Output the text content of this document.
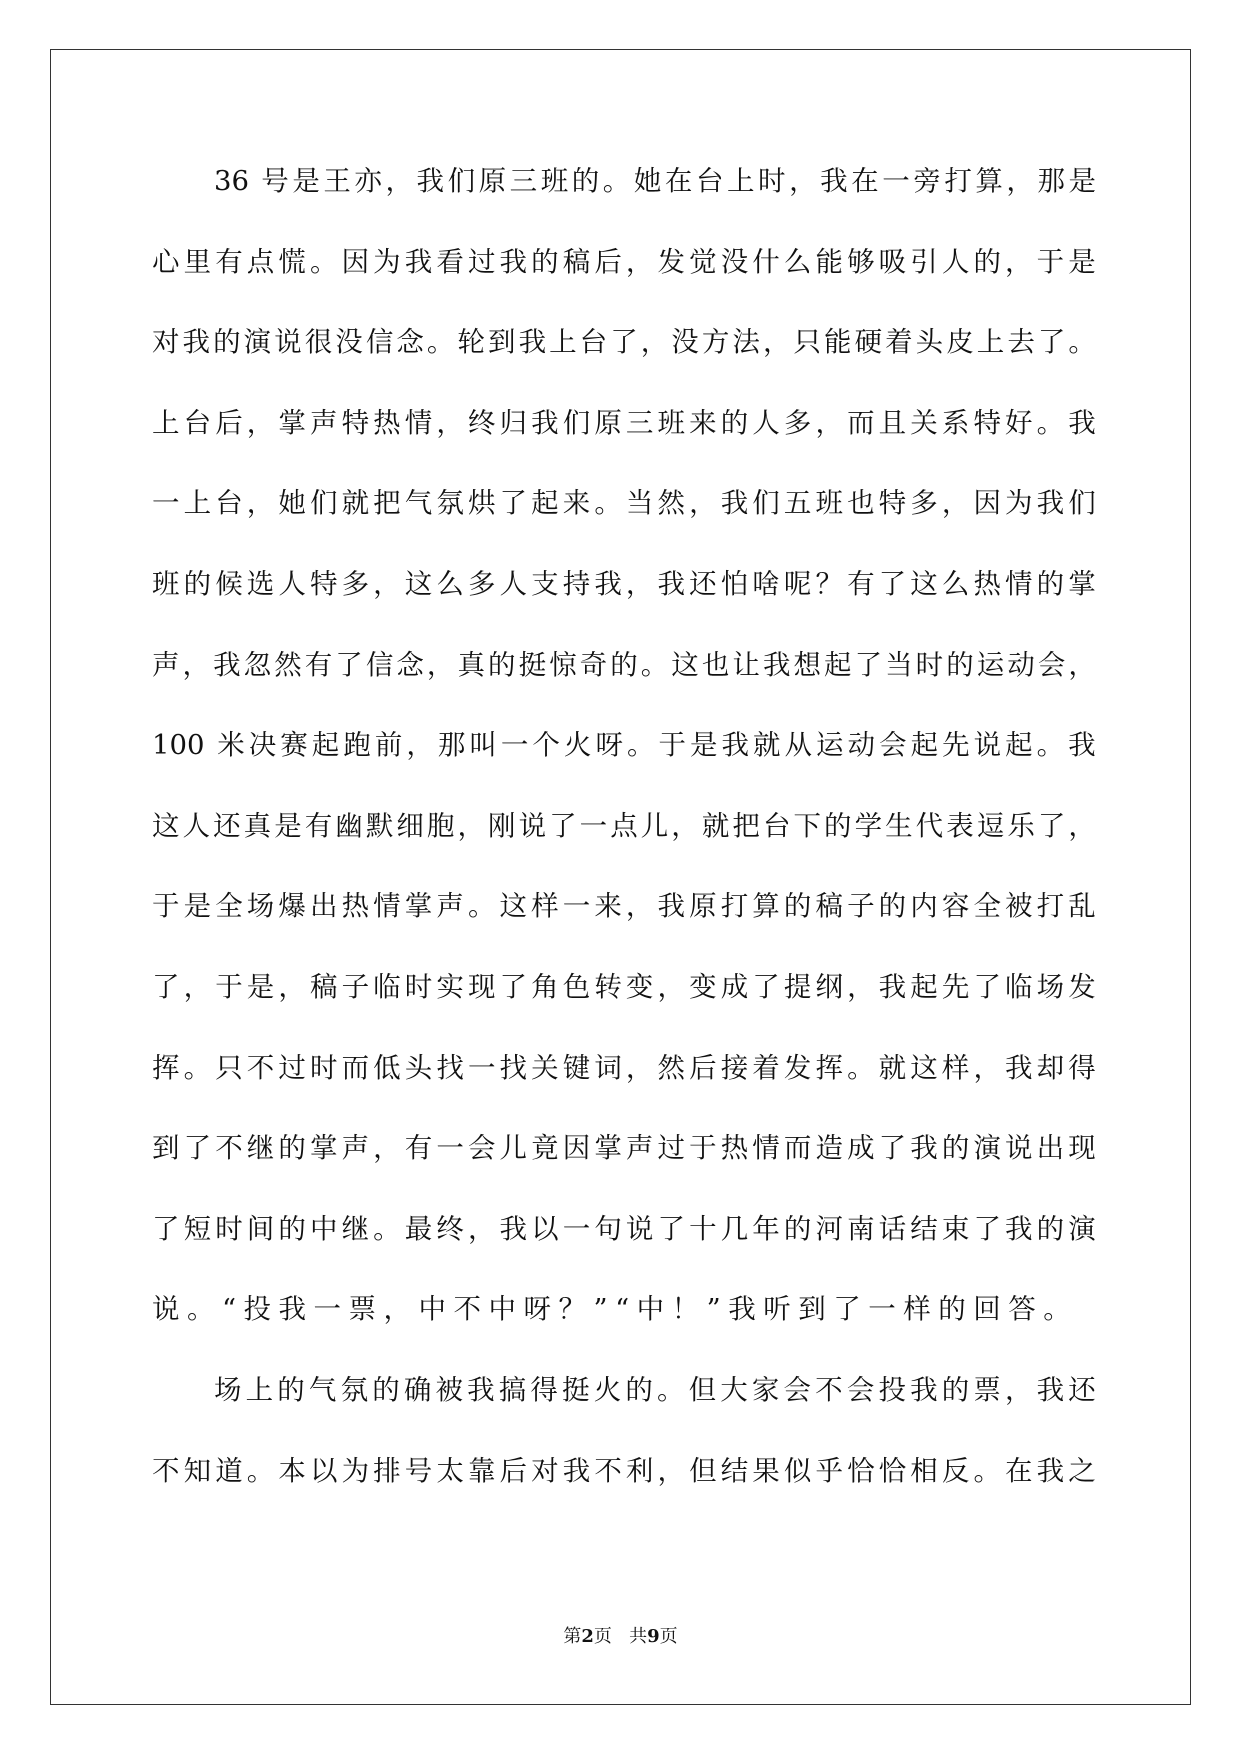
36 号 是 王 亦 ， 我 们 原 三 班 的 。 她 在 台 上 时 ， 我 在 一 旁 打 算 ， 那 是
心 里 有 点 慌 。 因 为 我 看 过 我 的 稿 后 ， 发 觉 没 什 么 能 够 吸 引 人 的 ， 于 是
对 我 的 演 说 很 没 信 念 。 轮 到 我 上 台 了 ， 没 方 法 ， 只 能 硬 着 头 皮 上 去 了 。
上 台 后 ， 掌 声 特 热 情 ， 终 归 我 们 原 三 班 来 的 人 多 ， 而 且 关 系 特 好 。 我
一 上 台 ， 她 们 就 把 气 氛 烘 了 起 来 。 当 然 ， 我 们 五 班 也 特 多 ， 因 为 我 们
班 的 候 选 人 特 多 ， 这 么 多 人 支 持 我 ， 我 还 怕 啥 呢 ？ 有 了 这 么 热 情 的 掌
声 ， 我 忽 然 有 了 信 念 ， 真 的 挺 惊 奇 的 。 这 也 让 我 想 起 了 当 时 的 运 动 会 ，
100 米 决 赛 起 跑 前 ， 那 叫 一 个 火 呀 。 于 是 我 就 从 运 动 会 起 先 说 起 。 我
这 人 还 真 是 有 幽 默 细 胞 ， 刚 说 了 一 点 儿 ， 就 把 台 下 的 学 生 代 表 逗 乐 了 ，
于 是 全 场 爆 出 热 情 掌 声 。 这 样 一 来 ， 我 原 打 算 的 稿 子 的 内 容 全 被 打 乱
了 ， 于 是 ， 稿 子 临 时 实 现 了 角 色 转 变 ， 变 成 了 提 纲 ， 我 起 先 了 临 场 发
挥 。 只 不 过 时 而 低 头 找 一 找 关 键 词 ， 然 后 接 着 发 挥 。 就 这 样 ， 我 却 得
到 了 不 继 的 掌 声 ， 有 一 会 儿 竟 因 掌 声 过 于 热 情 而 造 成 了 我 的 演 说 出 现
了 短 时 间 的 中 继 。 最 终 ， 我 以 一 句 说 了 十 几 年 的 河 南 话 结 束 了 我 的 演
说。“投我一票，中不中呀？”“中！”我听到了一样的回答。
场 上 的 气 氛 的 确 被 我 搞 得 挺 火 的 。 但 大 家 会 不 会 投 我 的 票 ， 我 还
不 知 道 。 本 以 为 排 号 太 靠 后 对 我 不 利 ， 但 结 果 似 乎 恰 恰 相 反 。 在 我 之
第2页 共9页
